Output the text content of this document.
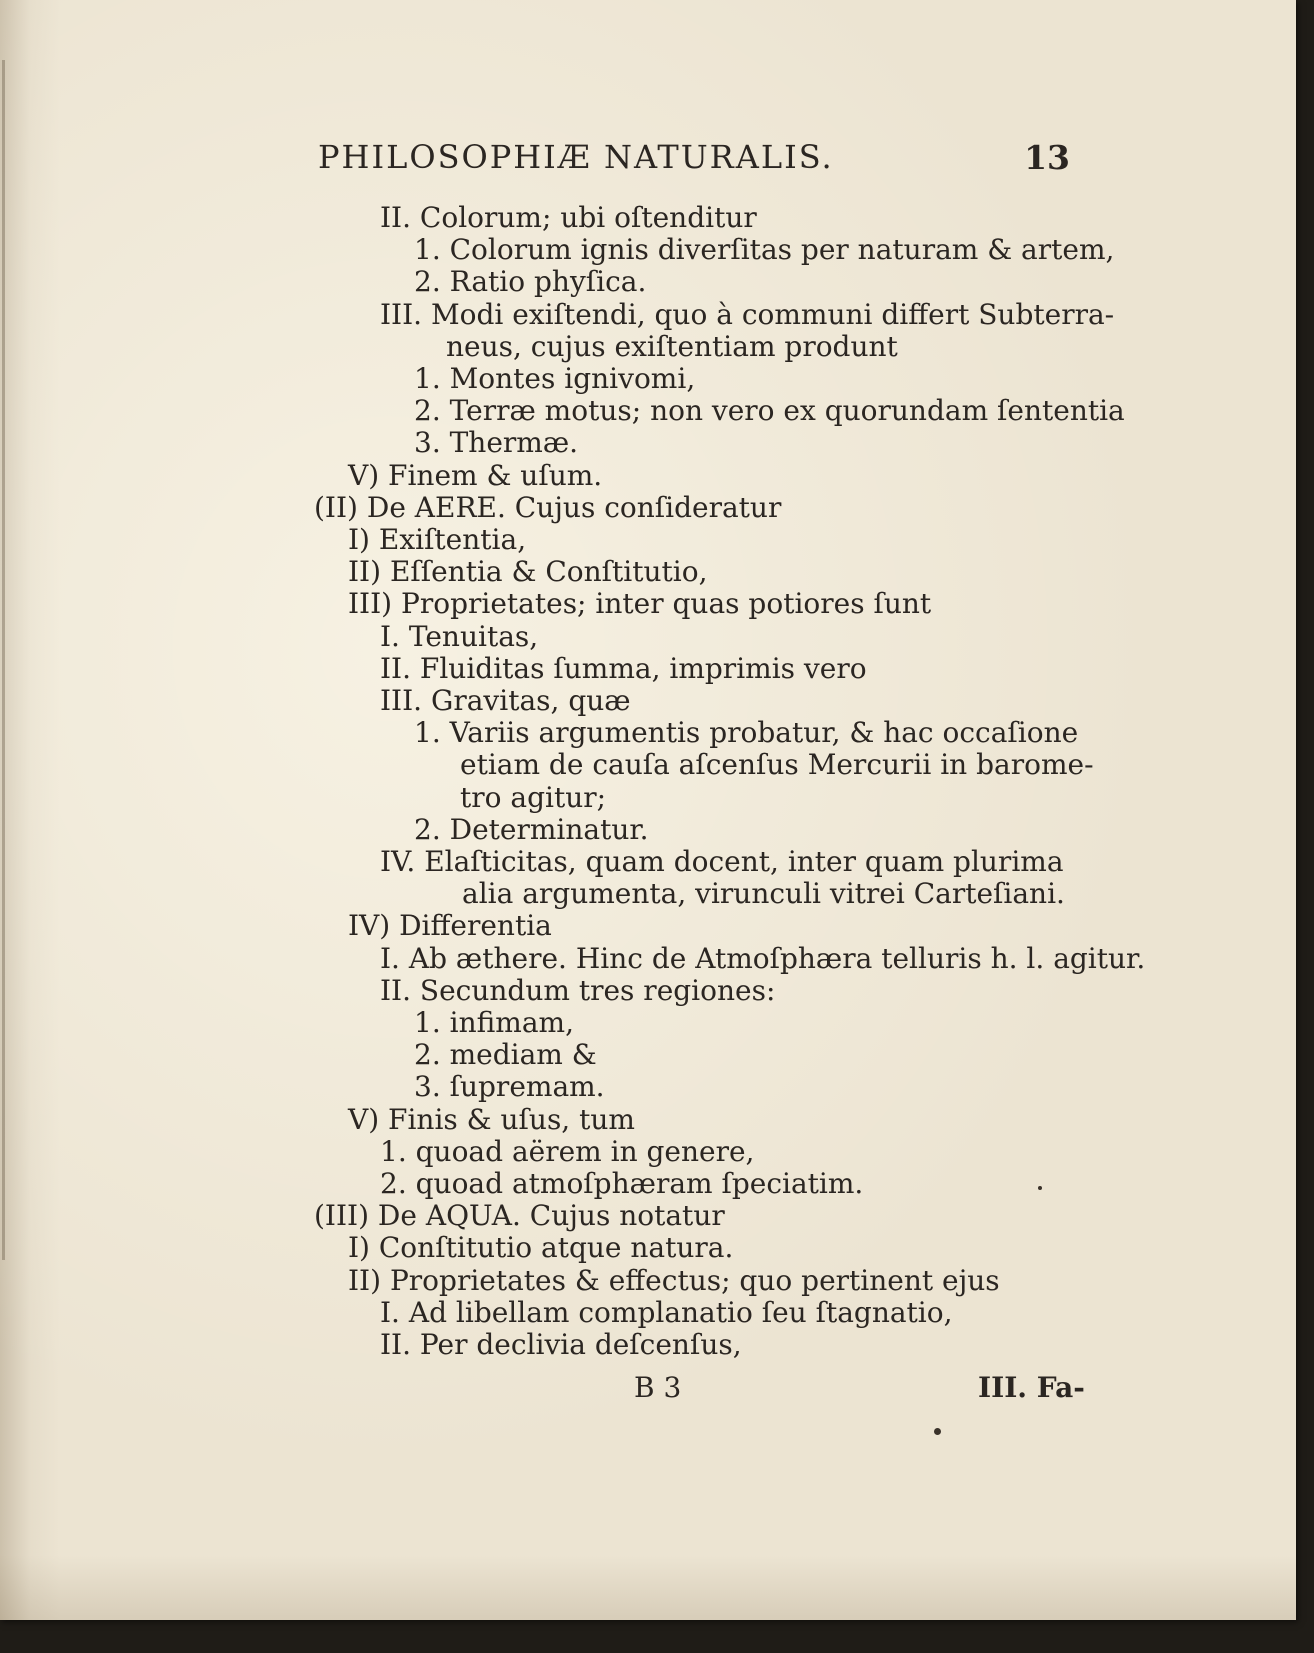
PHILOSOPHIÆ NATURALIS.	13
II. Colorum; ubi oſtenditur
1. Colorum ignis diverſitas per naturam & artem,
2. Ratio phyſica.
III. Modi exiſtendi, quo à communi differt Subterra-
neus, cujus exiſtentiam produnt
1. Montes ignivomi,
2. Terræ motus; non vero ex quorundam ſententia
3. Thermæ.
V) Finem & uſum.
(II) De AERE. Cujus conſideratur
I) Exiſtentia,
II) Eſſentia & Conſtitutio,
III) Proprietates; inter quas potiores ſunt
I. Tenuitas,
II. Fluiditas ſumma, imprimis vero
III. Gravitas, quæ
1. Variis argumentis probatur, & hac occaſione
etiam de cauſa aſcenſus Mercurii in barome-
tro agitur;
2. Determinatur.
IV. Elaſticitas, quam docent, inter quam plurima
alia argumenta, virunculi vitrei Carteſiani.
IV) Differentia
I. Ab æthere. Hinc de Atmoſphæra telluris h. l. agitur.
II. Secundum tres regiones:
1. infimam,
2. mediam &
3. ſupremam.
V) Finis & uſus, tum
1. quoad aërem in genere,
2. quoad atmoſphæram ſpeciatim.
(III) De AQUA. Cujus notatur
I) Conſtitutio atque natura.
II) Proprietates & effectus; quo pertinent ejus
I. Ad libellam complanatio ſeu ſtagnatio,
II. Per declivia deſcenſus,
B 3	III. Fa-
